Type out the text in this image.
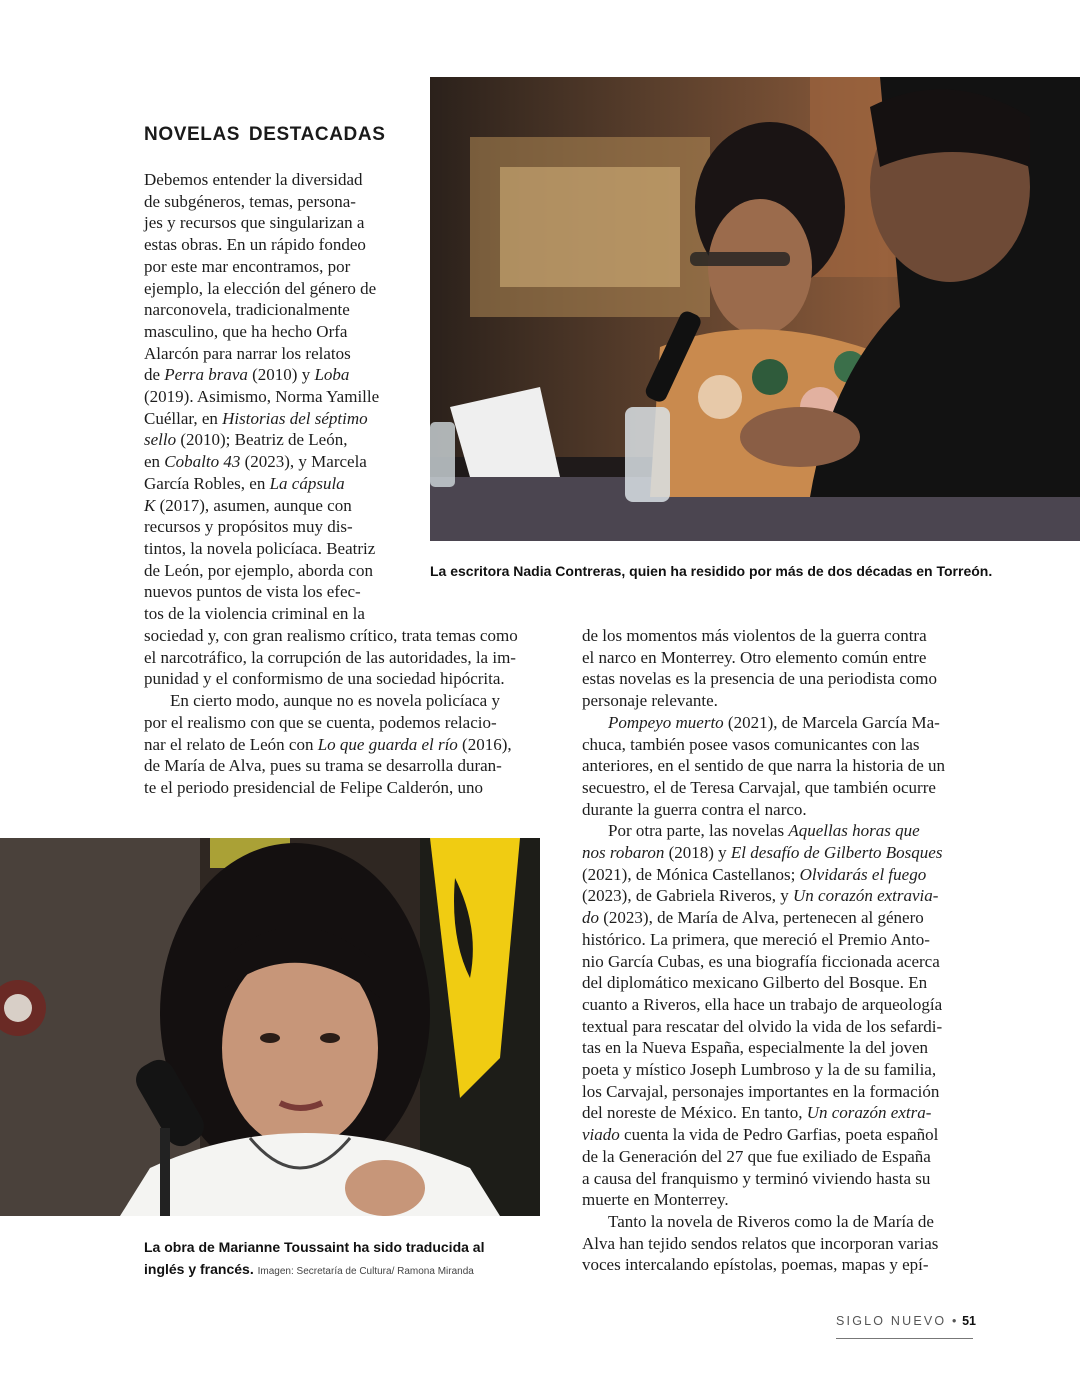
NOVELAS DESTACADAS
Debemos entender la diversidad
de subgéneros, temas, persona-
jes y recursos que singularizan a
estas obras. En un rápido fondeo
por este mar encontramos, por
ejemplo, la elección del género de
narconovela, tradicionalmente
masculino, que ha hecho Orfa
Alarcón para narrar los relatos
de Perra brava (2010) y Loba
(2019). Asimismo, Norma Yamille
Cuéllar, en Historias del séptimo
sello (2010); Beatriz de León,
en Cobalto 43 (2023), y Marcela
García Robles, en La cápsula
K (2017), asumen, aunque con
recursos y propósitos muy dis-
tintos, la novela policíaca. Beatriz
de León, por ejemplo, aborda con
nuevos puntos de vista los efec-
tos de la violencia criminal en la
sociedad y, con gran realismo crítico, trata temas como
el narcotráfico, la corrupción de las autoridades, la im-
punidad y el conformismo de una sociedad hipócrita.
En cierto modo, aunque no es novela policíaca y
por el realismo con que se cuenta, podemos relacio-
nar el relato de León con Lo que guarda el río (2016),
de María de Alva, pues su trama se desarrolla duran-
te el periodo presidencial de Felipe Calderón, uno
de los momentos más violentos de la guerra contra
el narco en Monterrey. Otro elemento común entre
estas novelas es la presencia de una periodista como
personaje relevante.
Pompeyo muerto (2021), de Marcela García Ma-
chuca, también posee vasos comunicantes con las
anteriores, en el sentido de que narra la historia de un
secuestro, el de Teresa Carvajal, que también ocurre
durante la guerra contra el narco.
Por otra parte, las novelas Aquellas horas que
nos robaron (2018) y El desafío de Gilberto Bosques
(2021), de Mónica Castellanos; Olvidarás el fuego
(2023), de Gabriela Riveros, y Un corazón extravia-
do (2023), de María de Alva, pertenecen al género
histórico. La primera, que mereció el Premio Anto-
nio García Cubas, es una biografía ficcionada acerca
del diplomático mexicano Gilberto del Bosque. En
cuanto a Riveros, ella hace un trabajo de arqueología
textual para rescatar del olvido la vida de los sefardi-
tas en la Nueva España, especialmente la del joven
poeta y místico Joseph Lumbroso y la de su familia,
los Carvajal, personajes importantes en la formación
del noreste de México. En tanto, Un corazón extra-
viado cuenta la vida de Pedro Garfias, poeta español
de la Generación del 27 que fue exiliado de España
a causa del franquismo y terminó viviendo hasta su
muerte en Monterrey.
Tanto la novela de Riveros como la de María de
Alva han tejido sendos relatos que incorporan varias
voces intercalando epístolas, poemas, mapas y epí-
La escritora Nadia Contreras, quien ha residido por más de dos décadas en Torreón.
La obra de Marianne Toussaint ha sido traducida al
inglés y francés. Imagen: Secretaría de Cultura/ Ramona Miranda
SIGLO NUEVO • 51
